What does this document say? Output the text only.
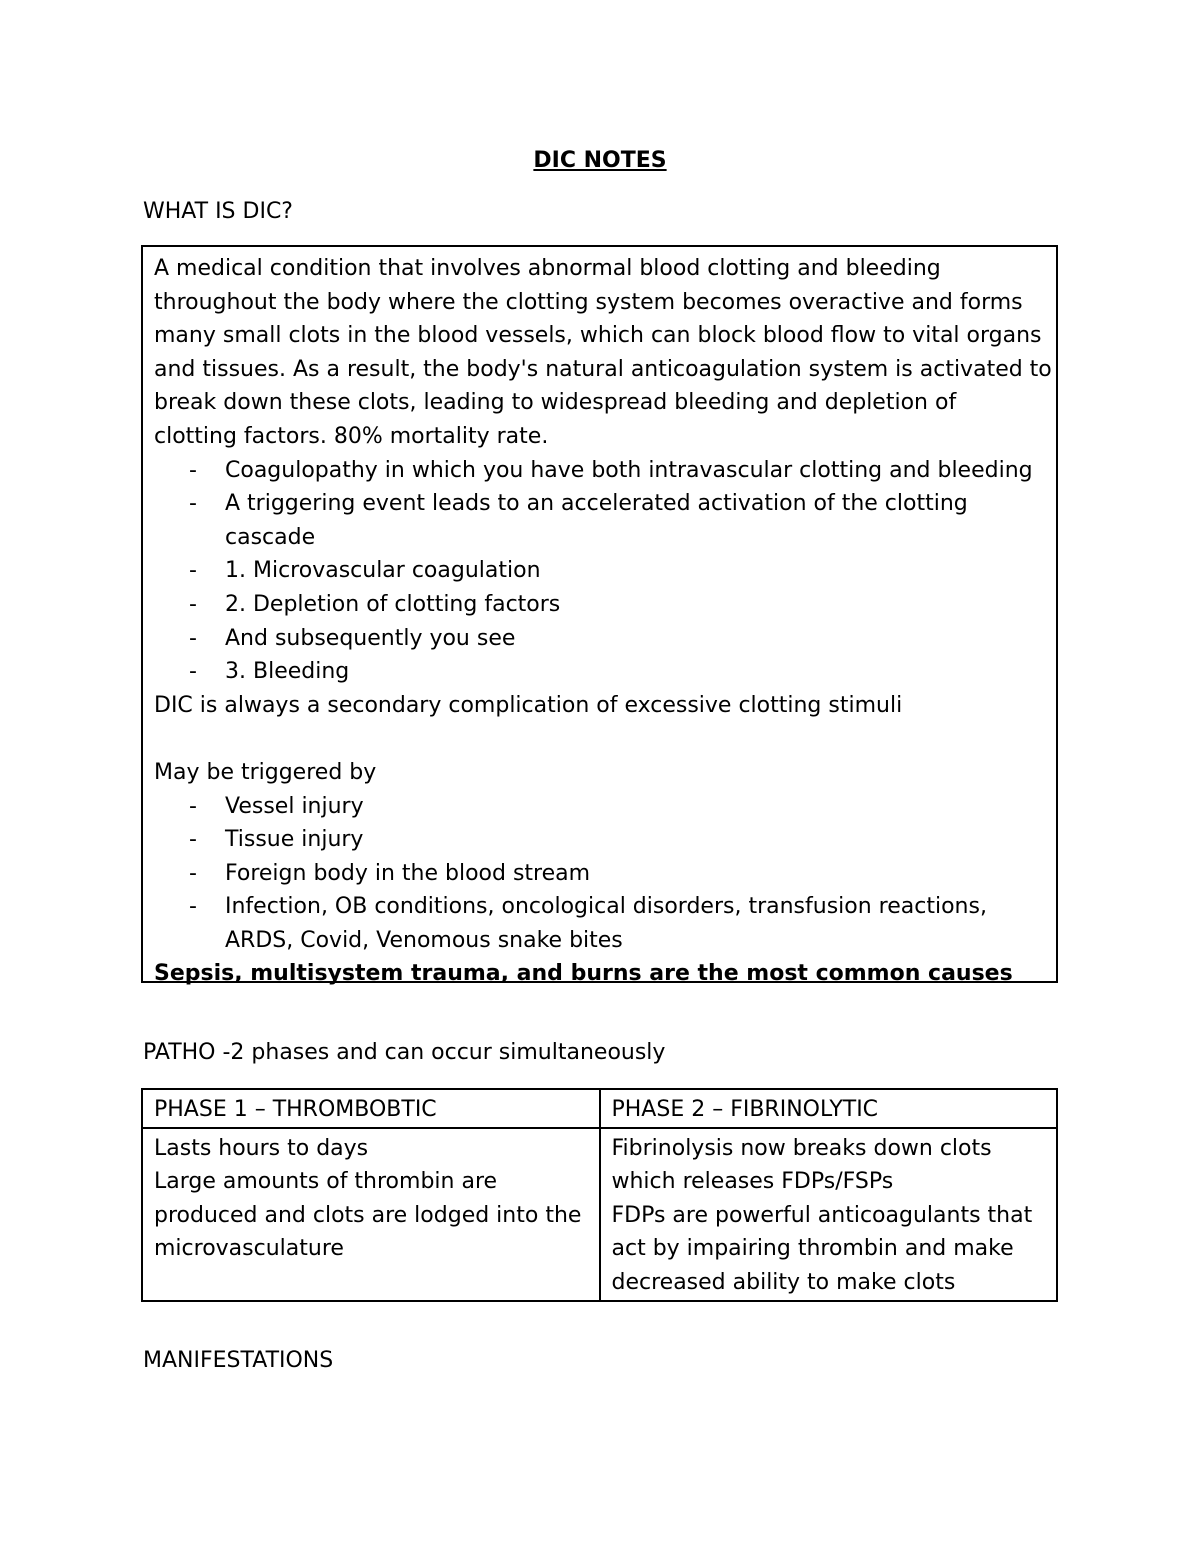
DIC NOTES
WHAT IS DIC?
A medical condition that involves abnormal blood clotting and bleeding
throughout the body where the clotting system becomes overactive and forms
many small clots in the blood vessels, which can block blood flow to vital organs
and tissues. As a result, the body's natural anticoagulation system is activated to
break down these clots, leading to widespread bleeding and depletion of
clotting factors. 80% mortality rate.
- Coagulopathy in which you have both intravascular clotting and bleeding
- A triggering event leads to an accelerated activation of the clotting
cascade
- 1. Microvascular coagulation
- 2. Depletion of clotting factors
- And subsequently you see
- 3. Bleeding
DIC is always a secondary complication of excessive clotting stimuli
May be triggered by
- Vessel injury
- Tissue injury
- Foreign body in the blood stream
- Infection, OB conditions, oncological disorders, transfusion reactions,
ARDS, Covid, Venomous snake bites
Sepsis, multisystem trauma, and burns are the most common causes
PATHO -2 phases and can occur simultaneously
PHASE 1 – THROMBOBTIC	PHASE 2 – FIBRINOLYTIC

Lasts hours to days
Large amounts of thrombin are
produced and clots are lodged into the
microvasculature	Fibrinolysis now breaks down clots
which releases FDPs/FSPs
FDPs are powerful anticoagulants that
act by impairing thrombin and make
decreased ability to make clots
MANIFESTATIONS
